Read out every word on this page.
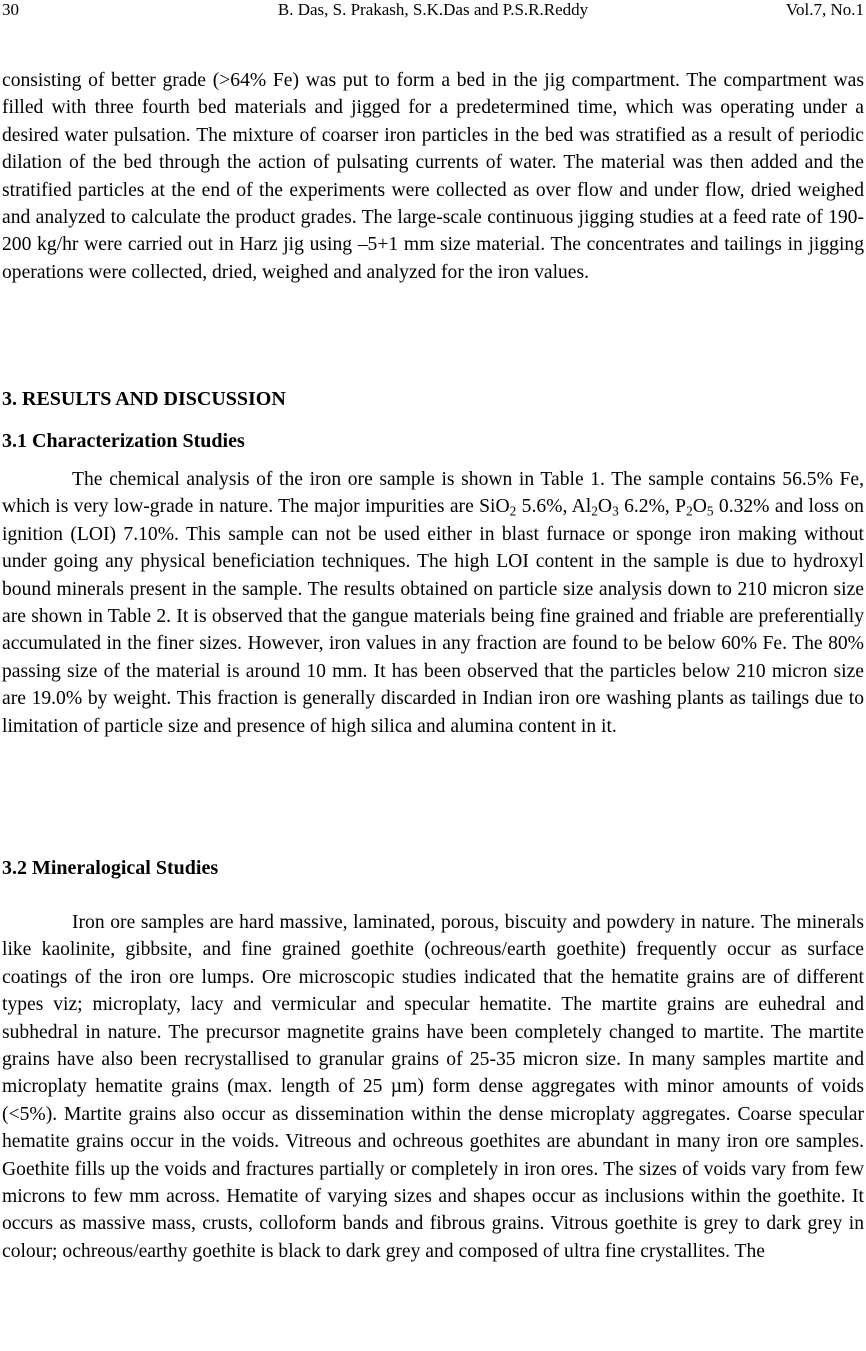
30	B. Das, S. Prakash, S.K.Das and P.S.R.Reddy	Vol.7, No.1

consisting of better grade (>64% Fe) was put to form a bed in the jig compartment. The compartment was filled with three fourth bed materials and jigged for a predetermined time, which was operating under a desired water pulsation. The mixture of coarser iron particles in the bed was stratified as a result of periodic dilation of the bed through the action of pulsating currents of water. The material was then added and the stratified particles at the end of the experiments were collected as over flow and under flow, dried weighed and analyzed to calculate the product grades. The large-scale continuous jigging studies at a feed rate of 190-200 kg/hr were carried out in Harz jig using –5+1 mm size material. The concentrates and tailings in jigging operations were collected, dried, weighed and analyzed for the iron values.

3. RESULTS AND DISCUSSION
3.1 Characterization Studies

The chemical analysis of the iron ore sample is shown in Table 1. The sample contains 56.5% Fe, which is very low-grade in nature. The major impurities are SiO$_2$ 5.6%, $Al_2O_3$ 6.2%, $P_2O_5$ 0.32% and loss on ignition (LOI) 7.10%. This sample can not be used either in blast furnace or sponge iron making without under going any physical beneficiation techniques. The high LOI content in the sample is due to hydroxyl bound minerals present in the sample. The results obtained on particle size analysis down to 210 micron size are shown in Table 2. It is observed that the gangue materials being fine grained and friable are preferentially accumulated in the finer sizes. However, iron values in any fraction are found to be below 60% Fe. The 80% passing size of the material is around 10 mm. It has been observed that the particles below 210 micron size are 19.0% by weight. This fraction is generally discarded in Indian iron ore washing plants as tailings due to limitation of particle size and presence of high silica and alumina content in it.

3.2 Mineralogical Studies

Iron ore samples are hard massive, laminated, porous, biscuity and powdery in nature. The minerals like kaolinite, gibbsite, and fine grained goethite (ochreous/earth goethite) frequently occur as surface coatings of the iron ore lumps. Ore microscopic studies indicated that the hematite grains are of different types viz; microplaty, lacy and vermicular and specular hematite. The martite grains are euhedral and subhedral in nature. The precursor magnetite grains have been completely changed to martite. The martite grains have also been recrystallised to granular grains of 25-35 micron size. In many samples martite and microplaty hematite grains (max. length of 25 µm) form dense aggregates with minor amounts of voids (<5%). Martite grains also occur as dissemination within the dense microplaty aggregates. Coarse specular hematite grains occur in the voids. Vitreous and ochreous goethites are abundant in many iron ore samples. Goethite fills up the voids and fractures partially or completely in iron ores. The sizes of voids vary from few microns to few mm across. Hematite of varying sizes and shapes occur as inclusions within the goethite. It occurs as massive mass, crusts, colloform bands and fibrous grains. Vitrous goethite is grey to dark grey in colour; ochreous/earthy goethite is black to dark grey and composed of ultra fine crystallites. The
